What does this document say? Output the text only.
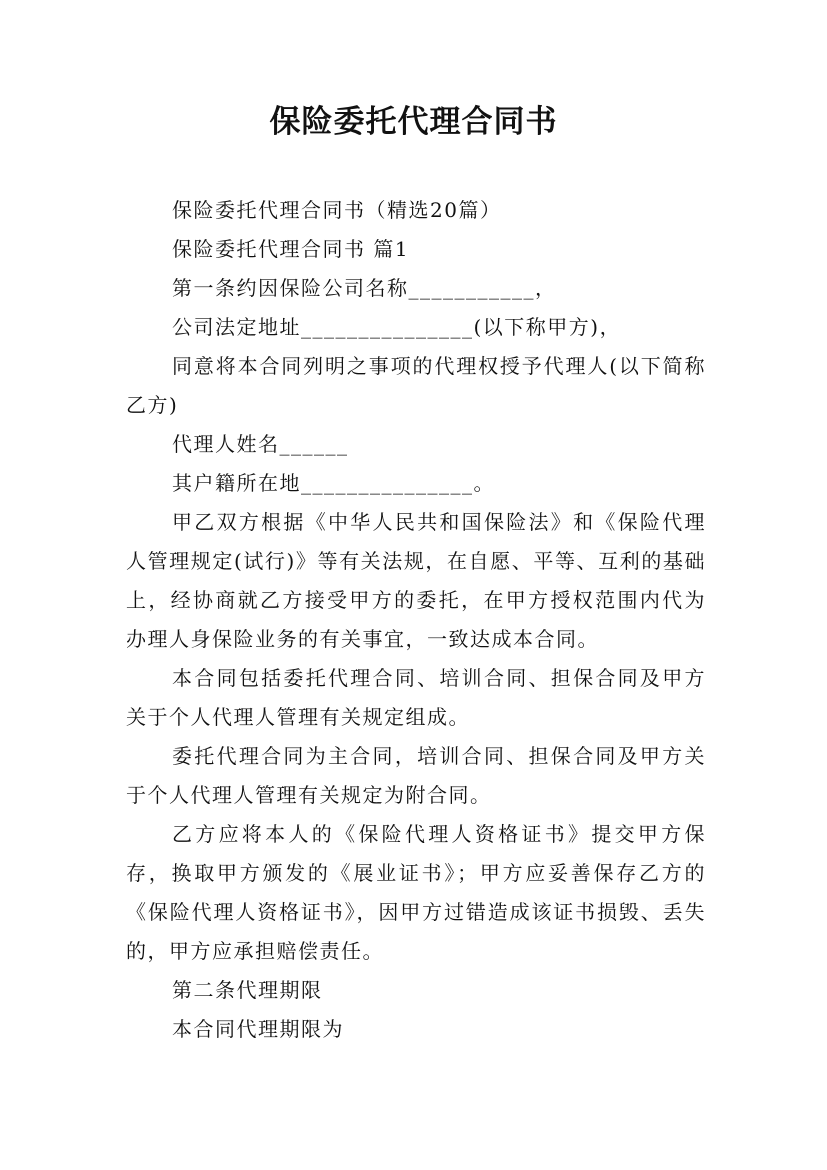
保险委托代理合同书

保险委托代理合同书（精选20篇）

保险委托代理合同书 篇1

第一条约因保险公司名称___________，

公司法定地址_______________(以下称甲方)，

同意将本合同列明之事项的代理权授予代理人(以下简称乙方)

代理人姓名______

其户籍所在地_______________。

甲乙双方根据《中华人民共和国保险法》和《保险代理人管理规定(试行)》等有关法规，在自愿、平等、互利的基础上，经协商就乙方接受甲方的委托，在甲方授权范围内代为办理人身保险业务的有关事宜，一致达成本合同。

本合同包括委托代理合同、培训合同、担保合同及甲方关于个人代理人管理有关规定组成。

委托代理合同为主合同，培训合同、担保合同及甲方关于个人代理人管理有关规定为附合同。

乙方应将本人的《保险代理人资格证书》提交甲方保存，换取甲方颁发的《展业证书》；甲方应妥善保存乙方的《保险代理人资格证书》，因甲方过错造成该证书损毁、丢失的，甲方应承担赔偿责任。

第二条代理期限

本合同代理期限为
